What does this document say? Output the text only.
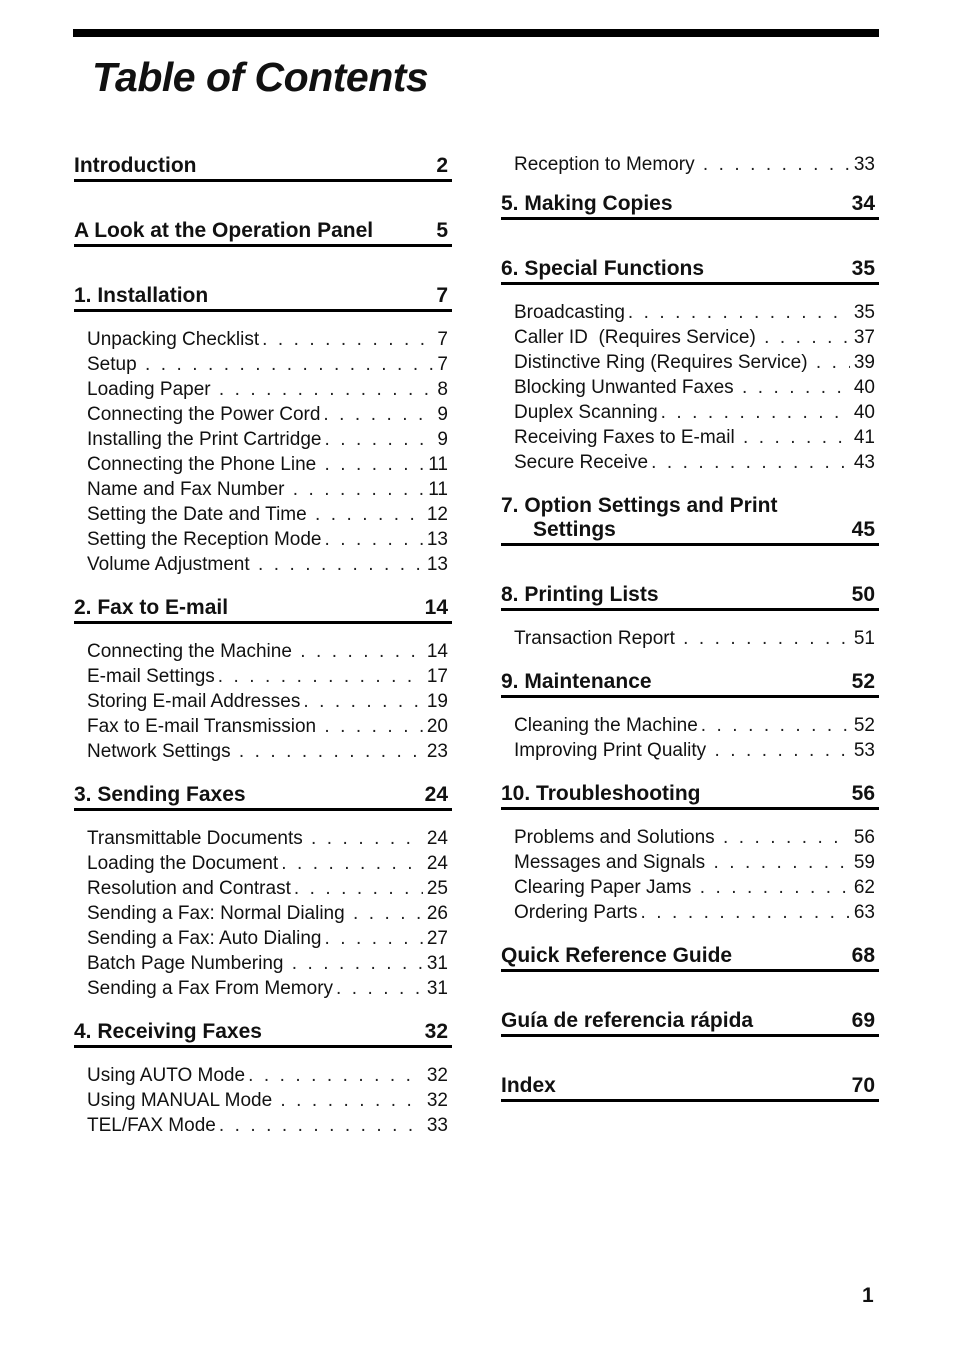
Table of Contents
Introduction	2
A Look at the Operation Panel	5
1. Installation	7
Unpacking Checklist . . .	7
Setup . . .	7
Loading Paper . . .	8
Connecting the Power Cord . . .	9
Installing the Print Cartridge . . .	9
Connecting the Phone Line . . .	11
Name and Fax Number . . .	11
Setting the Date and Time . . .	12
Setting the Reception Mode . . .	13
Volume Adjustment . . .	13
2. Fax to E-mail	14
Connecting the Machine . . .	14
E-mail Settings . . .	17
Storing E-mail Addresses . . .	19
Fax to E-mail Transmission . . .	20
Network Settings . . .	23
3. Sending Faxes	24
Transmittable Documents . . .	24
Loading the Document . . .	24
Resolution and Contrast . . .	25
Sending a Fax: Normal Dialing . . .	26
Sending a Fax: Auto Dialing . . .	27
Batch Page Numbering . . .	31
Sending a Fax From Memory . . .	31
4. Receiving Faxes	32
Using AUTO Mode . . .	32
Using MANUAL Mode . . .	32
TEL/FAX Mode . . .	33
Reception to Memory . . .	33
5. Making Copies	34
6. Special Functions	35
Broadcasting . . .	35
Caller ID  (Requires Service) . . .	37
Distinctive Ring (Requires Service) . . . 39
Blocking Unwanted Faxes . . .	40
Duplex Scanning . . .	40
Receiving Faxes to E-mail . . .	41
Secure Receive . . .	43
7. Option Settings and Print
Settings	45
8. Printing Lists	50
Transaction Report . . .	51
9. Maintenance	52
Cleaning the Machine . . .	52
Improving Print Quality . . .	53
10. Troubleshooting	56
Problems and Solutions . . .	56
Messages and Signals . . .	59
Clearing Paper Jams . . .	62
Ordering Parts . . .	63
Quick Reference Guide	68
Guía de referencia rápida	69
Index	70
1
